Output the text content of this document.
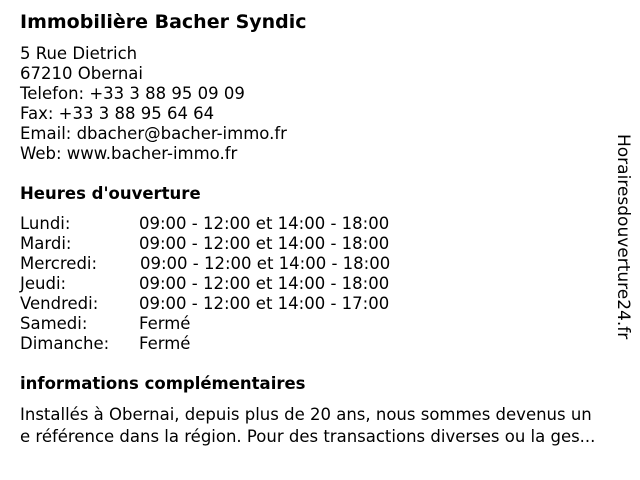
Immobilière Bacher Syndic
5 Rue Dietrich
67210 Obernai
Telefon: +33 3 88 95 09 09
Fax: +33 3 88 95 64 64
Email: dbacher@bacher-immo.fr
Web: www.bacher-immo.fr
Heures d'ouverture
Lundi:	09:00 - 12:00 et 14:00 - 18:00
Mardi:	09:00 - 12:00 et 14:00 - 18:00
Mercredi:	09:00 - 12:00 et 14:00 - 18:00
Jeudi:	09:00 - 12:00 et 14:00 - 18:00
Vendredi: 09:00 - 12:00 et 14:00 - 17:00
Samedi:	Fermé
Dimanche: Fermé
informations complémentaires
Installés à Obernai, depuis plus de 20 ans, nous sommes devenus un
e référence dans la région. Pour des transactions diverses ou la ges...
Horairesdouverture24.fr
